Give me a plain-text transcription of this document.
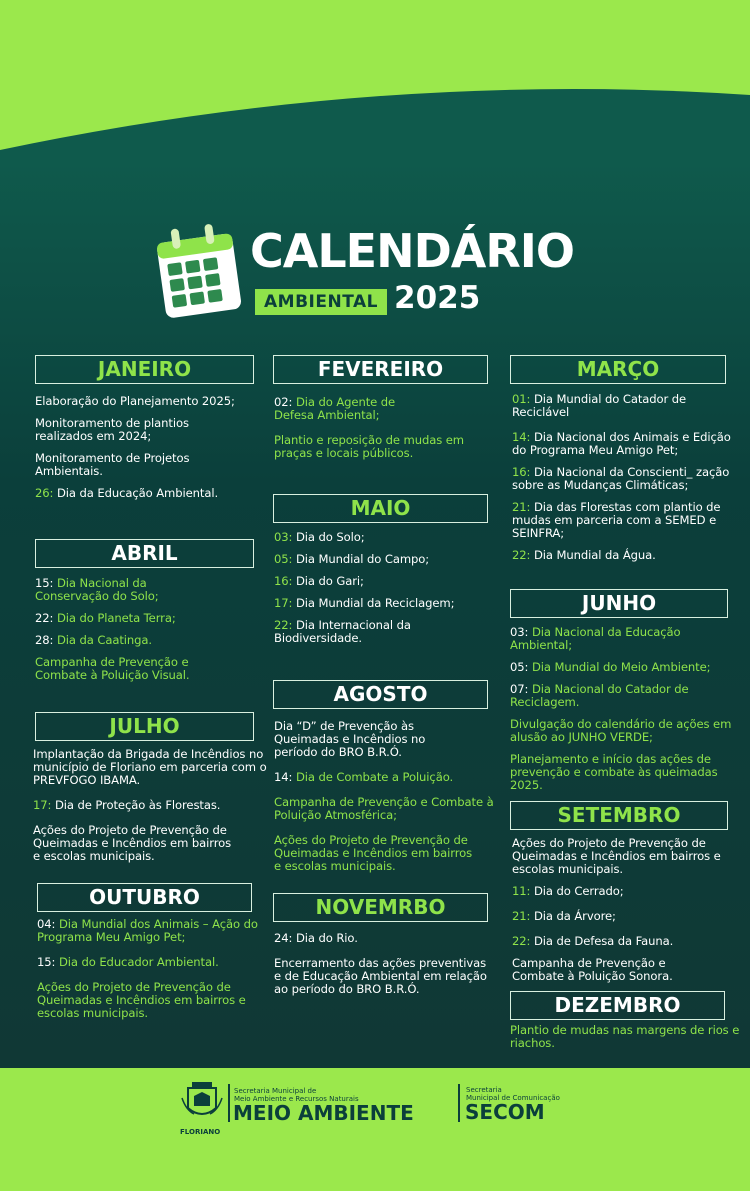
CALENDÁRIO
AMBIENTAL 2025
JANEIRO
Elaboração do Planejamento 2025;
Monitoramento de plantios realizados em 2024;
Monitoramento de Projetos Ambientais.
26: Dia da Educação Ambiental.
ABRIL
15: Dia Nacional da Conservação do Solo;
22: Dia do Planeta Terra;
28: Dia da Caatinga.
Campanha de Prevenção e Combate à Poluição Visual.
JULHO
Implantação da Brigada de Incêndios no município de Floriano em parceria com o PREVFOGO IBAMA.
17: Dia de Proteção às Florestas.
Ações do Projeto de Prevenção de Queimadas e Incêndios em bairros e escolas municipais.
OUTUBRO
04: Dia Mundial dos Animais – Ação do Programa Meu Amigo Pet;
15: Dia do Educador Ambiental.
Ações do Projeto de Prevenção de Queimadas e Incêndios em bairros e escolas municipais.
FEVEREIRO
02: Dia do Agente de Defesa Ambiental;
Plantio e reposição de mudas em praças e locais públicos.
MAIO
03: Dia do Solo;
05: Dia Mundial do Campo;
16: Dia do Gari;
17: Dia Mundial da Reciclagem;
22: Dia Internacional da Biodiversidade.
AGOSTO
Dia “D” de Prevenção às Queimadas e Incêndios no período do BRO B.R.Ó.
14: Dia de Combate a Poluição.
Campanha de Prevenção e Combate à Poluição Atmosférica;
Ações do Projeto de Prevenção de Queimadas e Incêndios em bairros e escolas municipais.
NOVEMRBO
24: Dia do Rio.
Encerramento das ações preventivas e de Educação Ambiental em relação ao período do BRO B.R.Ó.
MARÇO
01: Dia Mundial do Catador de Reciclável
14: Dia Nacional dos Animais e Edição do Programa Meu Amigo Pet;
16: Dia Nacional da Conscienti_ zação sobre as Mudanças Climáticas;
21: Dia das Florestas com plantio de mudas em parceria com a SEMED e SEINFRA;
22: Dia Mundial da Água.
JUNHO
03: Dia Nacional da Educação Ambiental;
05: Dia Mundial do Meio Ambiente;
07: Dia Nacional do Catador de Reciclagem.
Divulgação do calendário de ações em alusão ao JUNHO VERDE;
Planejamento e início das ações de prevenção e combate às queimadas 2025.
SETEMBRO
Ações do Projeto de Prevenção de Queimadas e Incêndios em bairros e escolas municipais.
11: Dia do Cerrado;
21: Dia da Árvore;
22: Dia de Defesa da Fauna.
Campanha de Prevenção e Combate à Poluição Sonora.
DEZEMBRO
Plantio de mudas nas margens de rios e riachos.
FLORIANO
Secretaria Municipal de
Meio Ambiente e Recursos Naturais
MEIO AMBIENTE
Secretaria
Municipal de Comunicação
SECOM
